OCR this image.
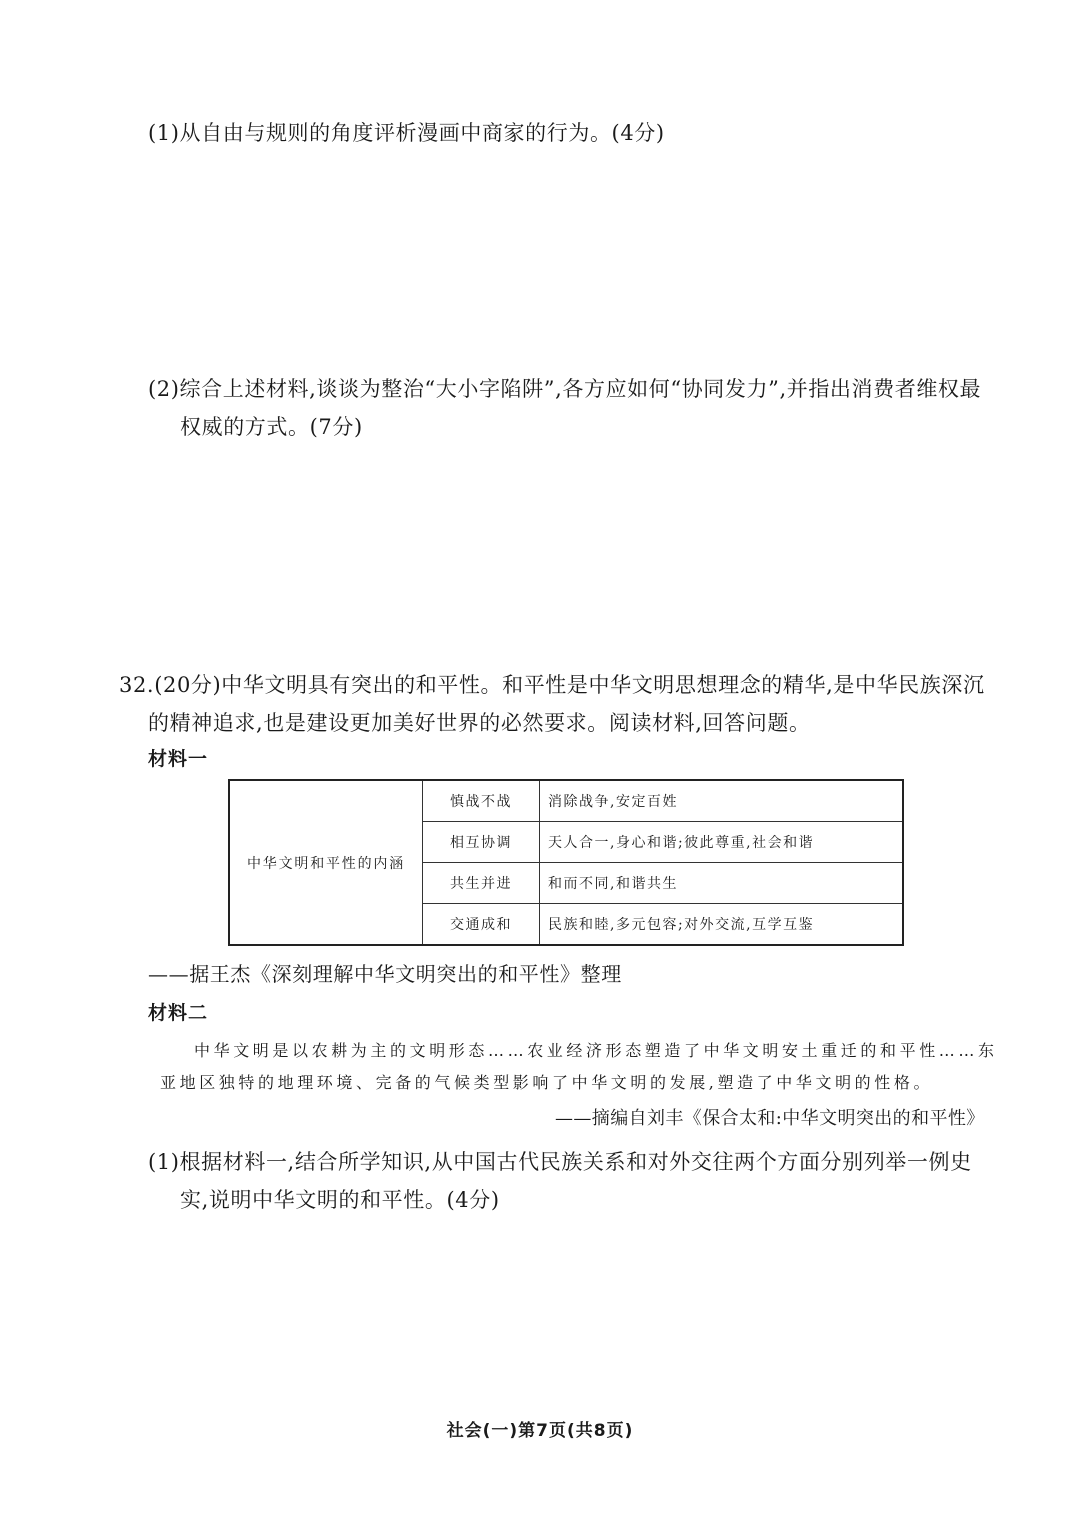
(1)从自由与规则的角度评析漫画中商家的行为。(4分)
(2)综合上述材料,谈谈为整治“大小字陷阱”,各方应如何“协同发力”,并指出消费者维权最
权威的方式。(7分)
32.(20分)中华文明具有突出的和平性。和平性是中华文明思想理念的精华,是中华民族深沉
的精神追求,也是建设更加美好世界的必然要求。阅读材料,回答问题。
材料一
中华文明和平性的内涵	慎战不战	消除战争,安定百姓
	相互协调	天人合一,身心和谐;彼此尊重,社会和谐
	共生并进	和而不同,和谐共生
	交通成和	民族和睦,多元包容;对外交流,互学互鉴
——据王杰《深刻理解中华文明突出的和平性》整理
材料二
中华文明是以农耕为主的文明形态……农业经济形态塑造了中华文明安土重迁的和平性……东
亚地区独特的地理环境、完备的气候类型影响了中华文明的发展,塑造了中华文明的性格。
——摘编自刘丰《保合太和:中华文明突出的和平性》
(1)根据材料一,结合所学知识,从中国古代民族关系和对外交往两个方面分别列举一例史
实,说明中华文明的和平性。(4分)
社会(一)第7页(共8页)
